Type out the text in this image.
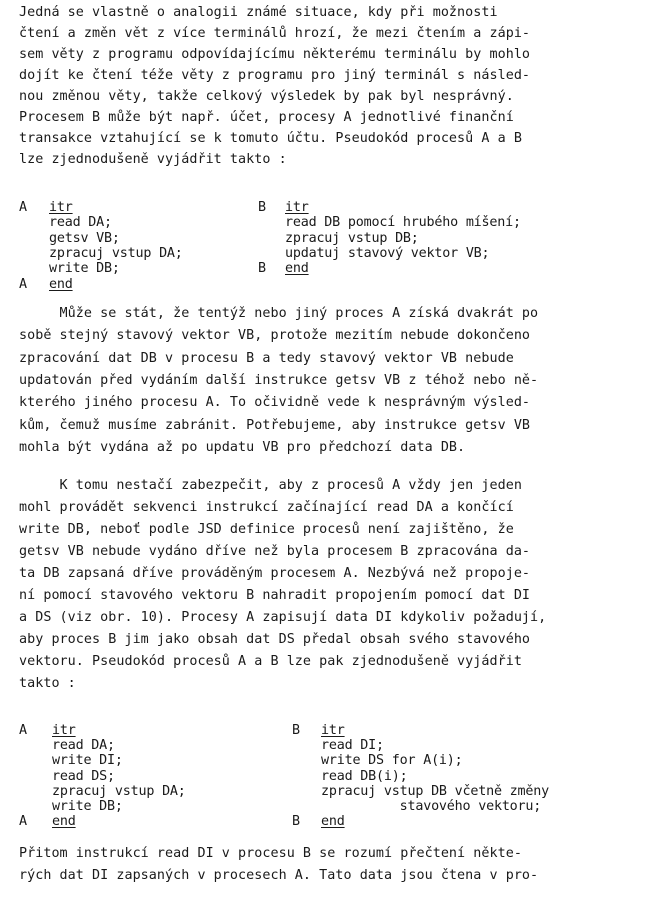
Jedná se vlastně o analogii známé situace, kdy při možnosti
čtení a změn vět z více terminálů hrozí, že mezi čtením a zápi-
sem věty z programu odpovídajícímu některému terminálu by mohlo
dojít ke čtení téže věty z programu pro jiný terminál s násled-
nou změnou věty, takže celkový výsledek by pak byl nesprávný.
Procesem B může být např. účet, procesy A jednotlivé finanční
transakce vztahující se k tomuto účtu. Pseudokód procesů A a B
lze zjednodušeně vyjádřit takto :
A itr
read DA;
getsv VB;
zpracuj vstup DA;
write DB;
A end
B itr
read DB pomocí hrubého míšení;
zpracuj vstup DB;
updatuj stavový vektor VB;
B end
Může se stát, že tentýž nebo jiný proces A získá dvakrát po
sobě stejný stavový vektor VB, protože mezitím nebude dokončeno
zpracování dat DB v procesu B a tedy stavový vektor VB nebude
updatován před vydáním další instrukce getsv VB z téhož nebo ně-
kterého jiného procesu A. To očividně vede k nesprávným výsled-
kům, čemuž musíme zabránit. Potřebujeme, aby instrukce getsv VB
mohla být vydána až po updatu VB pro předchozí data DB.
K tomu nestačí zabezpečit, aby z procesů A vždy jen jeden
mohl provádět sekvenci instrukcí začínající read DA a končící
write DB, neboť podle JSD definice procesů není zajištěno, že
getsv VB nebude vydáno dříve než byla procesem B zpracována da-
ta DB zapsaná dříve prováděným procesem A. Nezbývá než propoje-
ní pomocí stavového vektoru B nahradit propojením pomocí dat DI
a DS (viz obr. 10). Procesy A zapisují data DI kdykoliv požadují,
aby proces B jim jako obsah dat DS předal obsah svého stavového
vektoru. Pseudokód procesů A a B lze pak zjednodušeně vyjádřit
takto :
A itr
read DA;
write DI;
read DS;
zpracuj vstup DA;
write DB;
A end
B itr
read DI;
write DS for A(i);
read DB(i);
zpracuj vstup DB včetně změny
stavového vektoru;
B end
Přitom instrukcí read DI v procesu B se rozumí přečtení někte-
rých dat DI zapsaných v procesech A. Tato data jsou čtena v pro-
